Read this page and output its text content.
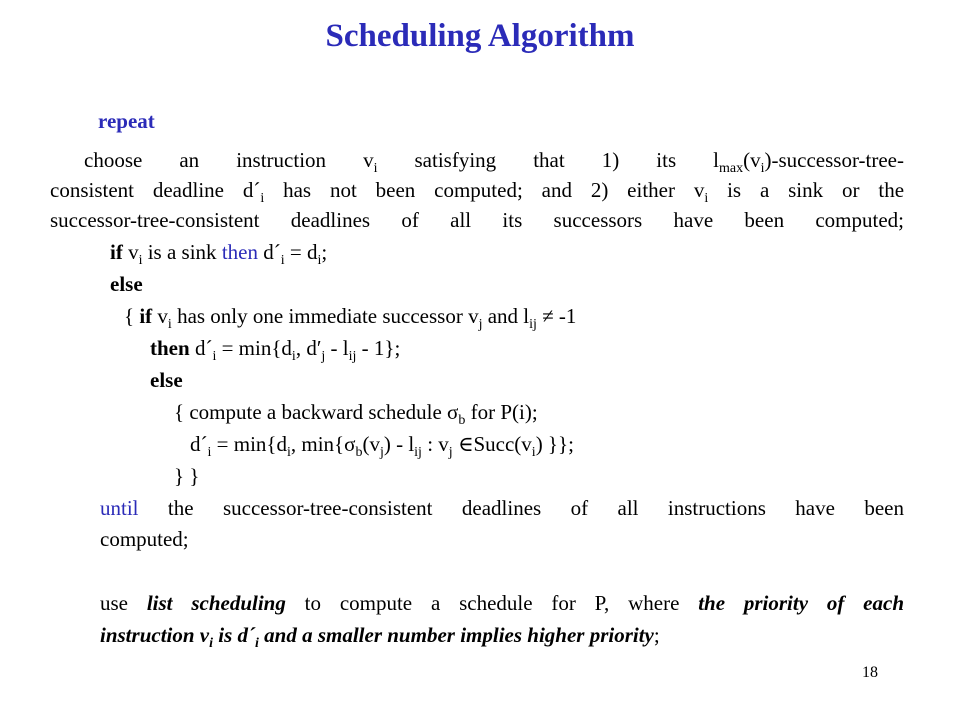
Scheduling Algorithm
repeat
choose an instruction $v_i$ satisfying that 1) its $l_{max}(v_i)-successor-tree-$
consistent deadline $d´_i$ has not been computed; and 2) either $v_i$ is a sink or the
successor-tree-consistent deadlines of all its successors have been computed;
if $v_i$ is a sink then $d´_i = d_i$;
else
{ if $v_i$ has only one immediate successor $v_j$ and $l_{ij} \ne -1$
then $d´_i = \min\{d_i$, $d'_j - l_{ij} - 1$};
else
{ compute a backward schedule $\sigma_b$ for P(i);
$d´_i = \min\{d_i$, $\min\{\sigma_b(v_j) - l_{ij}$ : $v_j$ $\in Succ(v_i)$ }};
} }
until the successor-tree-consistent deadlines of all instructions have been
computed;
use list scheduling to compute a schedule for P, where the priority of each
instruction $v_i$ is $d´_i$ and a smaller number implies higher priority;
18
